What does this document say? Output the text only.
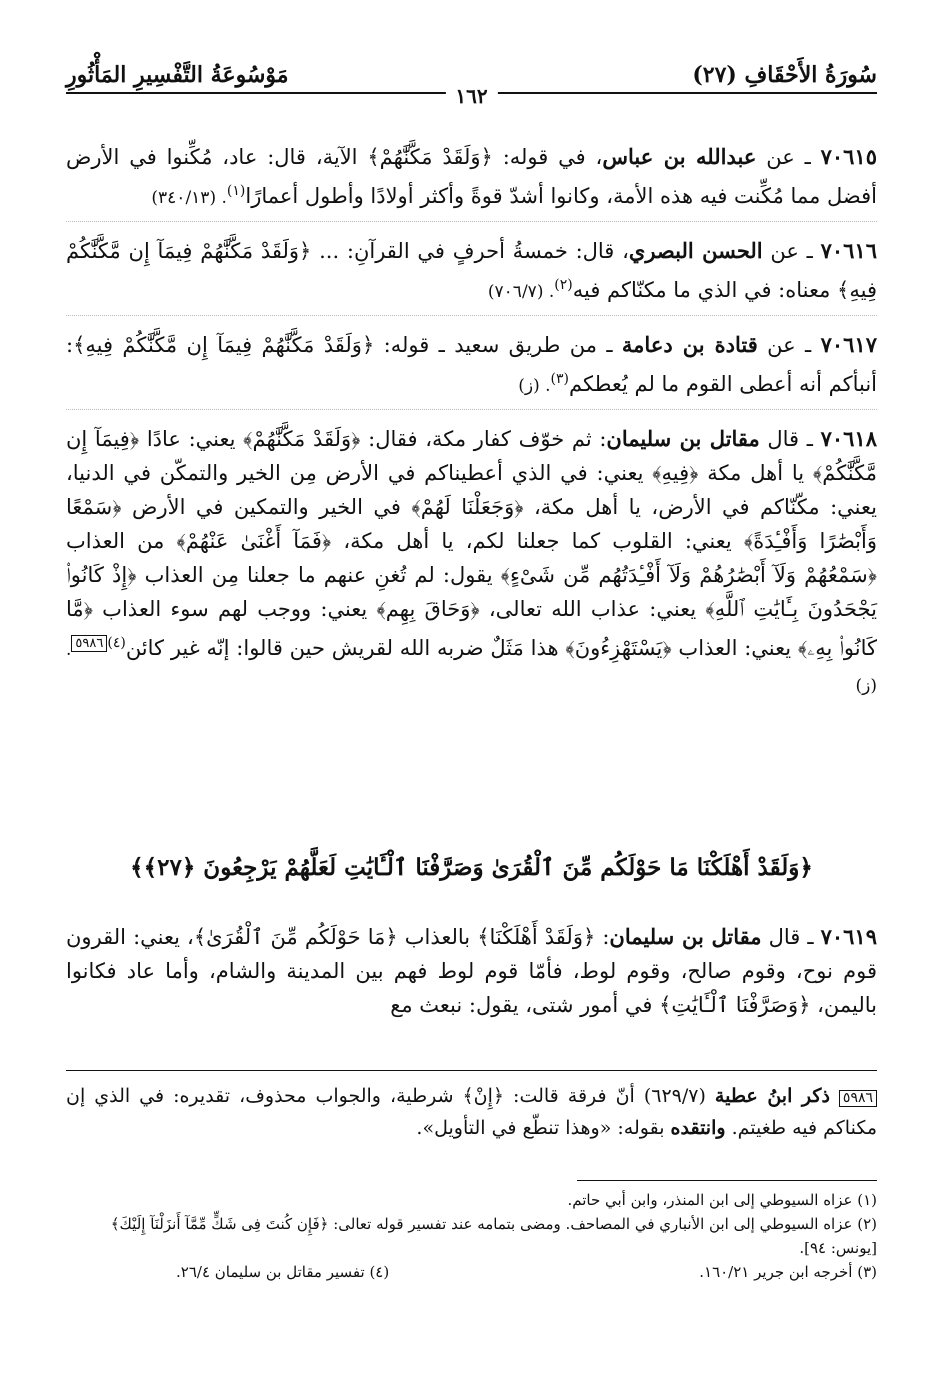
سُورَةُ الأَحْقَافِ (٢٧)
مَوْسُوعَةُ التَّفْسِيرِ المَأْثُورِ
١٦٢

٧٠٦١٥ ـ عن عبدالله بن عباس، في قوله: ﴿وَلَقَدْ مَكَّنَّٰهُمْ﴾ الآية، قال: عاد، مُكِّنوا في الأرض أفضل مما مُكِّنت فيه هذه الأمة، وكانوا أشدّ قوةً وأكثر أولادًا وأطول أعمارًا$^{(١)}$. (٣٤٠/١٣)

٧٠٦١٦ ـ عن الحسن البصري، قال: خمسةُ أحرفٍ في القرآنِ: ... ﴿وَلَقَدْ مَكَّنَّٰهُمْ فِيمَآ إِن مَّكَّنَّٰكُمْ فِيهِ﴾ معناه: في الذي ما مكنّاكم فيه$^{(٢)}$. (٧٠٦/٧)

٧٠٦١٧ ـ عن قتادة بن دعامة ـ من طريق سعيد ـ قوله: ﴿وَلَقَدْ مَكَّنَّٰهُمْ فِيمَآ إِن مَّكَّنَّٰكُمْ فِيهِ﴾: أنبأكم أنه أعطى القوم ما لم يُعطكم$^{(٣)}$. (ز)

٧٠٦١٨ ـ قال مقاتل بن سليمان: ثم خوّف كفار مكة، فقال: ﴿وَلَقَدْ مَكَّنَّٰهُمْ﴾ يعني: عادًا ﴿فِيمَآ إِن مَّكَّنَّٰكُمْ﴾ يا أهل مكة ﴿فِيهِ﴾ يعني: في الذي أعطيناكم في الأرض مِن الخير والتمكّن في الدنيا، يعني: مكّنّاكم في الأرض، يا أهل مكة، ﴿وَجَعَلْنَا لَهُمْ﴾ في الخير والتمكين في الأرض ﴿سَمْعًا وَأَبْصَٰرًا وَأَفْـِٔدَةً﴾ يعني: القلوب كما جعلنا لكم، يا أهل مكة، ﴿فَمَآ أَغْنَىٰ عَنْهُمْ﴾ من العذاب ﴿سَمْعُهُمْ وَلَآ أَبْصَٰرُهُمْ وَلَآ أَفْـِٔدَتُهُم مِّن شَىْءٍ﴾ يقول: لم تُغنِ عنهم ما جعلنا مِن العذاب ﴿إِذْ كَانُوا۟ يَجْحَدُونَ بِـَٔايَٰتِ ٱللَّهِ﴾ يعني: عذاب الله تعالى، ﴿وَحَاقَ بِهِم﴾ يعني: ووجب لهم سوء العذاب ﴿مَّا كَانُوا۟ بِهِۦ﴾ يعني: العذاب ﴿يَسْتَهْزِءُونَ﴾ هذا مَثَلٌ ضربه الله لقريش حين قالوا: إنّه غير كائن$^{(٤)}$٥٩٨٦. (ز)

﴿وَلَقَدْ أَهْلَكْنَا مَا حَوْلَكُم مِّنَ ٱلْقُرَىٰ وَصَرَّفْنَا ٱلْـَٔايَٰتِ لَعَلَّهُمْ يَرْجِعُونَ ﴿٢٧﴾﴾

٧٠٦١٩ ـ قال مقاتل بن سليمان: ﴿وَلَقَدْ أَهْلَكْنَا﴾ بالعذاب ﴿مَا حَوْلَكُم مِّنَ ٱلْقُرَىٰ﴾، يعني: القرون قوم نوح، وقوم صالح، وقوم لوط، فأمّا قوم لوط فهم بين المدينة والشام، وأما عاد فكانوا باليمن، ﴿وَصَرَّفْنَا ٱلْـَٔايَٰتِ﴾ في أمور شتى، يقول: نبعث مع

٥٩٨٦ ذكر ابنُ عطية (٦٢٩/٧) أنّ فرقة قالت: ﴿إِنْ﴾ شرطية، والجواب محذوف، تقديره: في الذي إن مكناكم فيه طغيتم. وانتقده بقوله: «وهذا تنطّع في التأويل».
(١) عزاه السيوطي إلى ابن المنذر، وابن أبي حاتم.
(٢) عزاه السيوطي إلى ابن الأنباري في المصاحف. ومضى بتمامه عند تفسير قوله تعالى: ﴿فَإِن كُنتَ فِى شَكٍّ مِّمَّآ أَنزَلْنَآ إِلَيْكَ﴾ [يونس: ٩٤].
(٣) أخرجه ابن جرير ١٦٠/٢١.
(٤) تفسير مقاتل بن سليمان ٢٦/٤.
